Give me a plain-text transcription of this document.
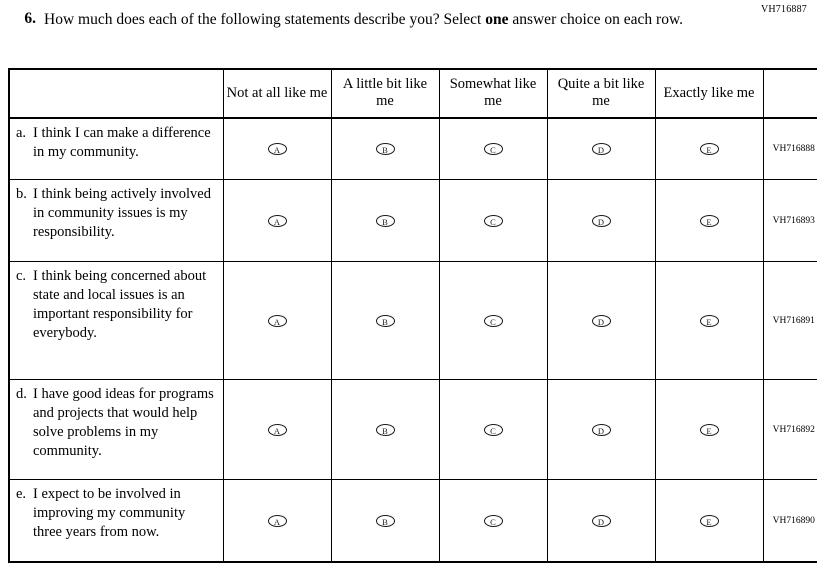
VH716887
6. How much does each of the following statements describe you? Select one answer choice on each row.
	Not at all like me	A little bit like me	Somewhat like me	Quite a bit like me	Exactly like me	

a. I think I can make a difference in my community.	A	B	C	D	E	VH716888

b. I think being actively involved in community issues is my responsibility.	A	B	C	D	E	VH716893

c. I think being concerned about state and local issues is an important responsibility for everybody.	A	B	C	D	E	VH716891

d. I have good ideas for programs and projects that would help solve problems in my community.	A	B	C	D	E	VH716892

e. I expect to be involved in improving my community three years from now.	A	B	C	D	E	VH716890
